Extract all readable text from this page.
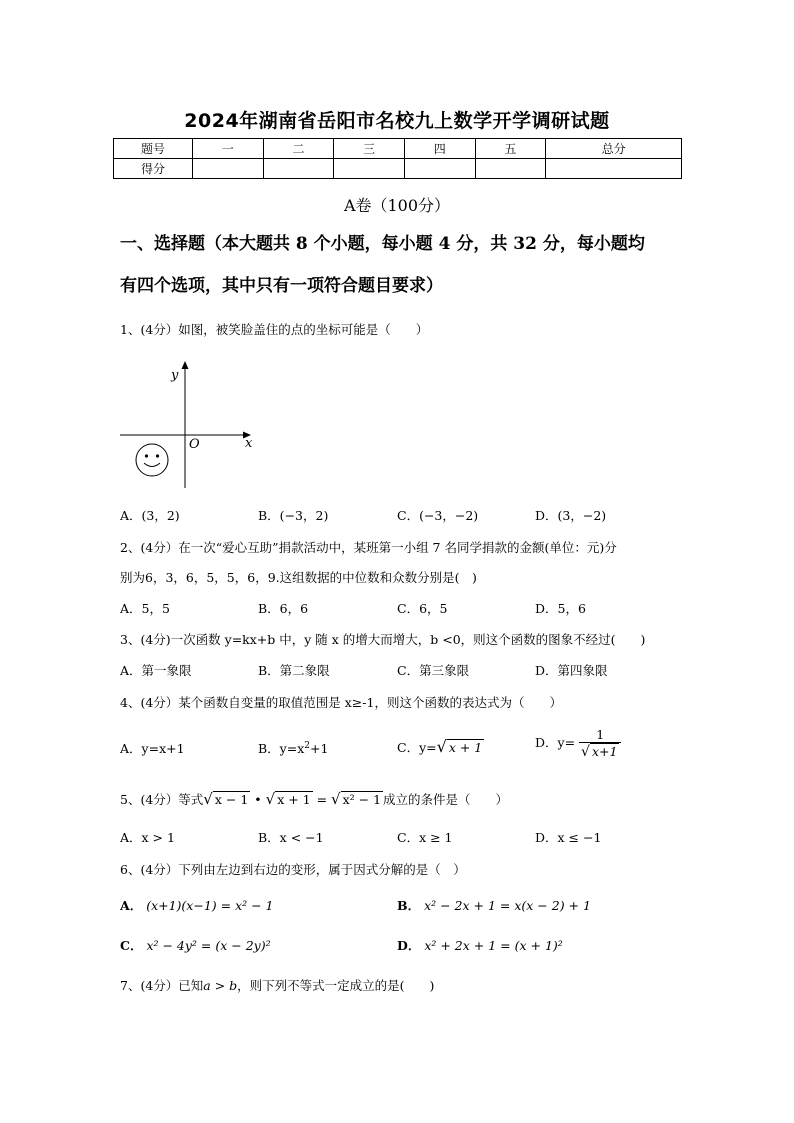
2024年湖南省岳阳市名校九上数学开学调研试题
题号	一	二	三	四	五	总分
得分						
A卷（100分）
一、选择题（本大题共 8 个小题，每小题 4 分，共 32 分，每小题均
有四个选项，其中只有一项符合题目要求）
1、(4分）如图，被笑脸盖住的点的坐标可能是（　　）
y
x
O
A．(3，2)	B．(−3，2)	C．(−3，−2)	D．(3，−2)
2、(4分）在一次“爱心互助”捐款活动中，某班第一小组 7 名同学捐款的金额(单位：元)分
别为6，3，6，5，5，6，9.这组数据的中位数和众数分别是(　)
A．5，5	B．6，6	C．6，5	D．5，6
3、(4分)一次函数 y=kx+b 中，y 随 x 的增大而增大，b <0，则这个函数的图象不经过(　　)
A．第一象限	B．第二象限	C．第三象限	D．第四象限
4、(4分）某个函数自变量的取值范围是 x≥-1，则这个函数的表达式为（　　）
A．y=x+1	B．$y=x^2+1$	C．y=√ x + 1	D．$y= \frac{1}{√ x+1}$
5、(4分）等式√ x − 1 • √ x + 1 = √ x² − 1 成立的条件是（　　）
A．x > 1	B．x < −1	C．x ≥ 1	D．x ≤ −1
6、(4分）下列由左边到右边的变形，属于因式分解的是（　）
A． (x+1)(x−1) = x² − 1	B． x² − 2x + 1 = x(x − 2) + 1
C． x² − 4y² = (x − 2y)²	D． x² + 2x + 1 = (x + 1)²
7、(4分）已知a > b，则下列不等式一定成立的是(　　)
